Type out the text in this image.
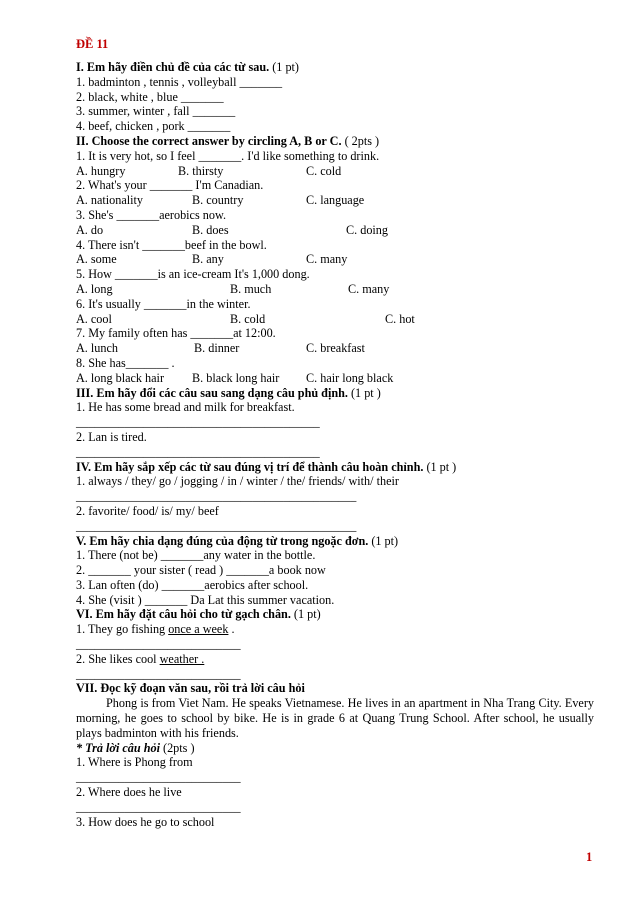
ĐỀ 11
I. Em hãy điền chủ đề của các từ sau. (1 pt)
1. badminton , tennis , volleyball _______
2. black, white , blue _______
3. summer, winter , fall _______
4. beef, chicken , pork _______
II. Choose the correct answer by circling A, B or C. ( 2pts )
1. It is very hot, so I feel _______. I'd like something to drink.
A. hungry	B. thirsty	C. cold
2. What's your _______ I'm Canadian.
A. nationality	B. country	C. language
3. She's _______aerobics now.
A. do	B. does	C. doing
4. There isn't _______beef in the bowl.
A. some	B. any	C. many
5. How _______is an ice-cream It's 1,000 dong.
A. long	B. much	C. many
6. It's usually _______in the winter.
A. cool	B. cold	C. hot
7. My family often has _______at 12:00.
A. lunch	B. dinner	C. breakfast
8. She has_______ .
A. long black hair B. black long hair C. hair long black
III. Em hãy đổi các câu sau sang dạng câu phủ định. (1 pt )
1. He has some bread and milk for breakfast.
________________________________________
2. Lan is tired.
________________________________________
IV. Em hãy sắp xếp các từ sau đúng vị trí để thành câu hoàn chỉnh. (1 pt )
1. always / they/ go / jogging / in / winter / the/ friends/ with/ their
______________________________________________
2. favorite/ food/ is/ my/ beef
______________________________________________
V. Em hãy chia dạng đúng của động từ trong ngoặc đơn. (1 pt)
1. There (not be) _______any water in the bottle.
2. _______ your sister ( read ) _______a book now
3. Lan often (do) _______aerobics after school.
4. She (visit ) _______ Da Lat this summer vacation.
VI. Em hãy đặt câu hỏi cho từ gạch chân. (1 pt)
1. They go fishing once a week .
___________________________
2. She likes cool weather .
___________________________
VII. Đọc kỹ đoạn văn sau, rồi trả lời câu hỏi
Phong is from Viet Nam. He speaks Vietnamese. He lives in an apartment in Nha Trang City. Every morning, he goes to school by bike. He is in grade 6 at Quang Trung School. After school, he usually plays badminton with his friends.
* Trả lời câu hỏi (2pts )
1. Where is Phong from
___________________________
2. Where does he live
___________________________
3. How does he go to school
1
